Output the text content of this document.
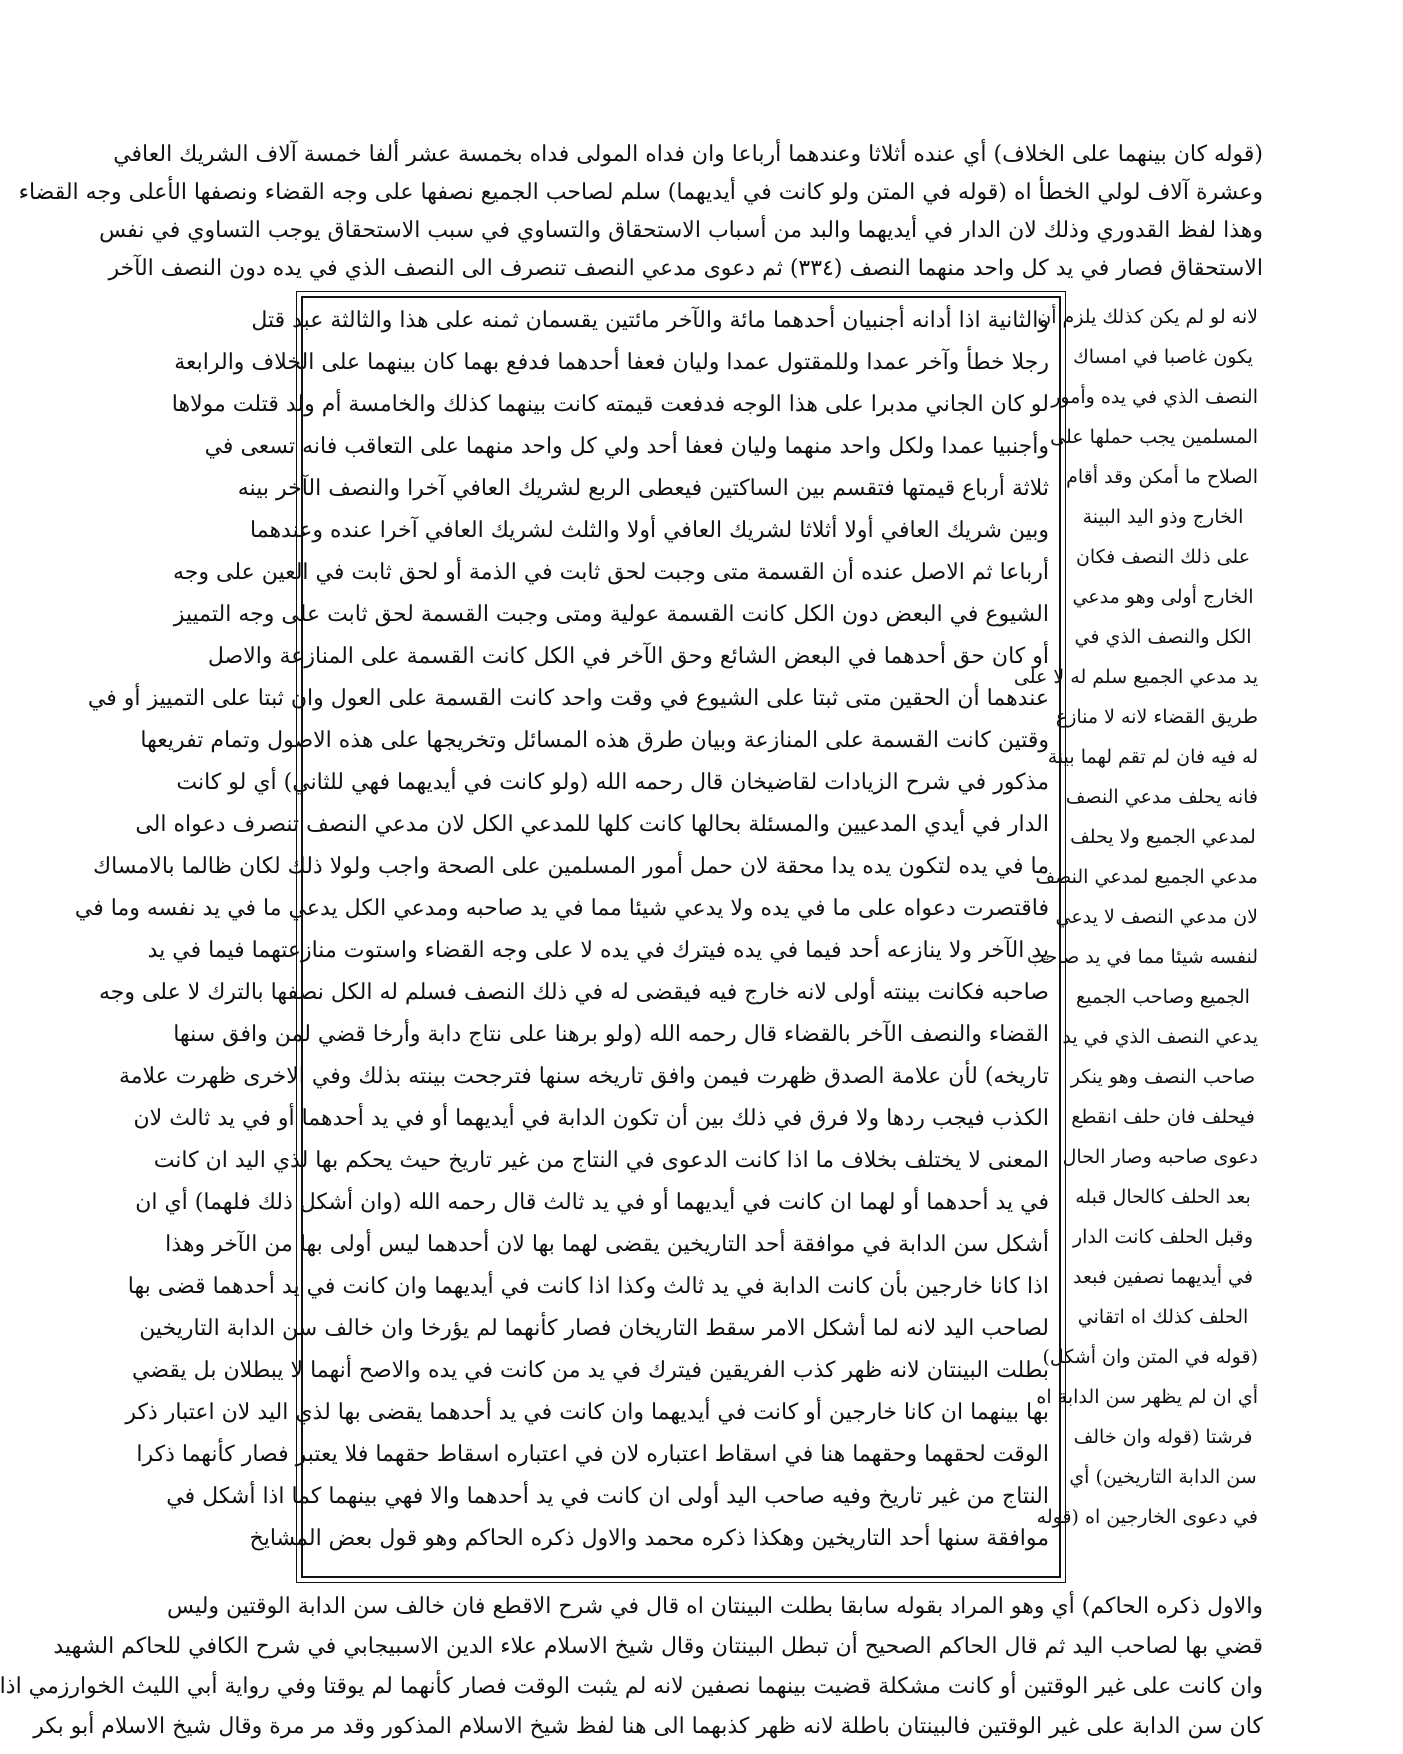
(قوله كان بينهما على الخلاف) أي عنده أثلاثا وعندهما أرباعا وان فداه المولى فداه بخمسة عشر ألفا خمسة آلاف الشريك العافي
وعشرة آلاف لولي الخطأ اه (قوله في المتن ولو كانت في أيديهما) سلم لصاحب الجميع نصفها على وجه القضاء ونصفها الأعلى وجه القضاء
وهذا لفظ القدوري وذلك لان الدار في أيديهما والبد من أسباب الاستحقاق والتساوي في سبب الاستحقاق يوجب التساوي في نفس
الاستحقاق فصار في يد كل واحد منهما النصف (٣٣٤) ثم دعوى مدعي النصف تنصرف الى النصف الذي في يده دون النصف الآخر
والثانية اذا أدانه أجنبيان أحدهما مائة والآخر مائتين يقسمان ثمنه على هذا والثالثة عبد قتل
رجلا خطأ وآخر عمدا وللمقتول عمدا وليان فعفا أحدهما فدفع بهما كان بينهما على الخلاف والرابعة
لو كان الجاني مدبرا على هذا الوجه فدفعت قيمته كانت بينهما كذلك والخامسة أم ولد قتلت مولاها
وأجنبيا عمدا ولكل واحد منهما وليان فعفا أحد ولي كل واحد منهما على التعاقب فانه تسعى في
ثلاثة أرباع قيمتها فتقسم بين الساكتين فيعطى الربع لشريك العافي آخرا والنصف الآخر بينه
وبين شريك العافي أولا أثلاثا لشريك العافي أولا والثلث لشريك العافي آخرا عنده وعندهما
أرباعا ثم الاصل عنده أن القسمة متى وجبت لحق ثابت في الذمة أو لحق ثابت في العين على وجه
الشيوع في البعض دون الكل كانت القسمة عولية ومتى وجبت القسمة لحق ثابت على وجه التمييز
أو كان حق أحدهما في البعض الشائع وحق الآخر في الكل كانت القسمة على المنازعة والاصل
عندهما أن الحقين متى ثبتا على الشيوع في وقت واحد كانت القسمة على العول وان ثبتا على التمييز أو في
وقتين كانت القسمة على المنازعة وبيان طرق هذه المسائل وتخريجها على هذه الاصول وتمام تفريعها
مذكور في شرح الزيادات لقاضيخان قال رحمه الله (ولو كانت في أيديهما فهي للثاني) أي لو كانت
الدار في أيدي المدعيين والمسئلة بحالها كانت كلها للمدعي الكل لان مدعي النصف تنصرف دعواه الى
ما في يده لتكون يده يدا محقة لان حمل أمور المسلمين على الصحة واجب ولولا ذلك لكان ظالما بالامساك
فاقتصرت دعواه على ما في يده ولا يدعي شيئا مما في يد صاحبه ومدعي الكل يدعي ما في يد نفسه وما في
يد الآخر ولا ينازعه أحد فيما في يده فيترك في يده لا على وجه القضاء واستوت منازعتهما فيما في يد
صاحبه فكانت بينته أولى لانه خارج فيه فيقضى له في ذلك النصف فسلم له الكل نصفها بالترك لا على وجه
القضاء والنصف الآخر بالقضاء قال رحمه الله (ولو برهنا على نتاج دابة وأرخا قضي لمن وافق سنها
تاريخه) لأن علامة الصدق ظهرت فيمن وافق تاريخه سنها فترجحت بينته بذلك وفي الاخرى ظهرت علامة
الكذب فيجب ردها ولا فرق في ذلك بين أن تكون الدابة في أيديهما أو في يد أحدهما أو في يد ثالث لان
المعنى لا يختلف بخلاف ما اذا كانت الدعوى في النتاج من غير تاريخ حيث يحكم بها لذي اليد ان كانت
في يد أحدهما أو لهما ان كانت في أيديهما أو في يد ثالث قال رحمه الله (وان أشكل ذلك فلهما) أي ان
أشكل سن الدابة في موافقة أحد التاريخين يقضى لهما بها لان أحدهما ليس أولى بها من الآخر وهذا
اذا كانا خارجين بأن كانت الدابة في يد ثالث وكذا اذا كانت في أيديهما وان كانت في يد أحدهما قضى بها
لصاحب اليد لانه لما أشكل الامر سقط التاريخان فصار كأنهما لم يؤرخا وان خالف سن الدابة التاريخين
بطلت البينتان لانه ظهر كذب الفريقين فيترك في يد من كانت في يده والاصح أنهما لا يبطلان بل يقضي
بها بينهما ان كانا خارجين أو كانت في أيديهما وان كانت في يد أحدهما يقضى بها لذي اليد لان اعتبار ذكر
الوقت لحقهما وحقهما هنا في اسقاط اعتباره لان في اعتباره اسقاط حقهما فلا يعتبر فصار كأنهما ذكرا
النتاج من غير تاريخ وفيه صاحب اليد أولى ان كانت في يد أحدهما والا فهي بينهما كما اذا أشكل في
موافقة سنها أحد التاريخين وهكذا ذكره محمد والاول ذكره الحاكم وهو قول بعض المشايخ
لانه لو لم يكن كذلك يلزم أن
يكون غاصبا في امساك
النصف الذي في يده وأمور
المسلمين يجب حملها على
الصلاح ما أمكن وقد أقام
الخارج وذو اليد البينة
على ذلك النصف فكان
الخارج أولى وهو مدعي
الكل والنصف الذي في
يد مدعي الجميع سلم له لا على
طريق القضاء لانه لا منازع
له فيه فان لم تقم لهما بينة
فانه يحلف مدعي النصف
لمدعي الجميع ولا يحلف
مدعي الجميع لمدعي النصف
لان مدعي النصف لا يدعي
لنفسه شيئا مما في يد صاحب
الجميع وصاحب الجميع
يدعي النصف الذي في يد
صاحب النصف وهو ينكر
فيحلف فان حلف انقطع
دعوى صاحبه وصار الحال
بعد الحلف كالحال قبله
وقبل الحلف كانت الدار
في أيديهما نصفين فبعد
الحلف كذلك اه اتقاني
(قوله في المتن وان أشكل)
أي ان لم يظهر سن الدابة اه
فرشتا (قوله وان خالف
سن الدابة التاريخين) أي
في دعوى الخارجين اه (قوله
والاول ذكره الحاكم) أي وهو المراد بقوله سابقا بطلت البينتان اه قال في شرح الاقطع فان خالف سن الدابة الوقتين وليس
قضي بها لصاحب اليد ثم قال الحاكم الصحيح أن تبطل البينتان وقال شيخ الاسلام علاء الدين الاسبيجابي في شرح الكافي للحاكم الشهيد
وان كانت على غير الوقتين أو كانت مشكلة قضيت بينهما نصفين لانه لم يثبت الوقت فصار كأنهما لم يوقتا وفي رواية أبي الليث الخوارزمي اذا
كان سن الدابة على غير الوقتين فالبينتان باطلة لانه ظهر كذبهما الى هنا لفظ شيخ الاسلام المذكور وقد مر مرة وقال شيخ الاسلام أبو بكر
